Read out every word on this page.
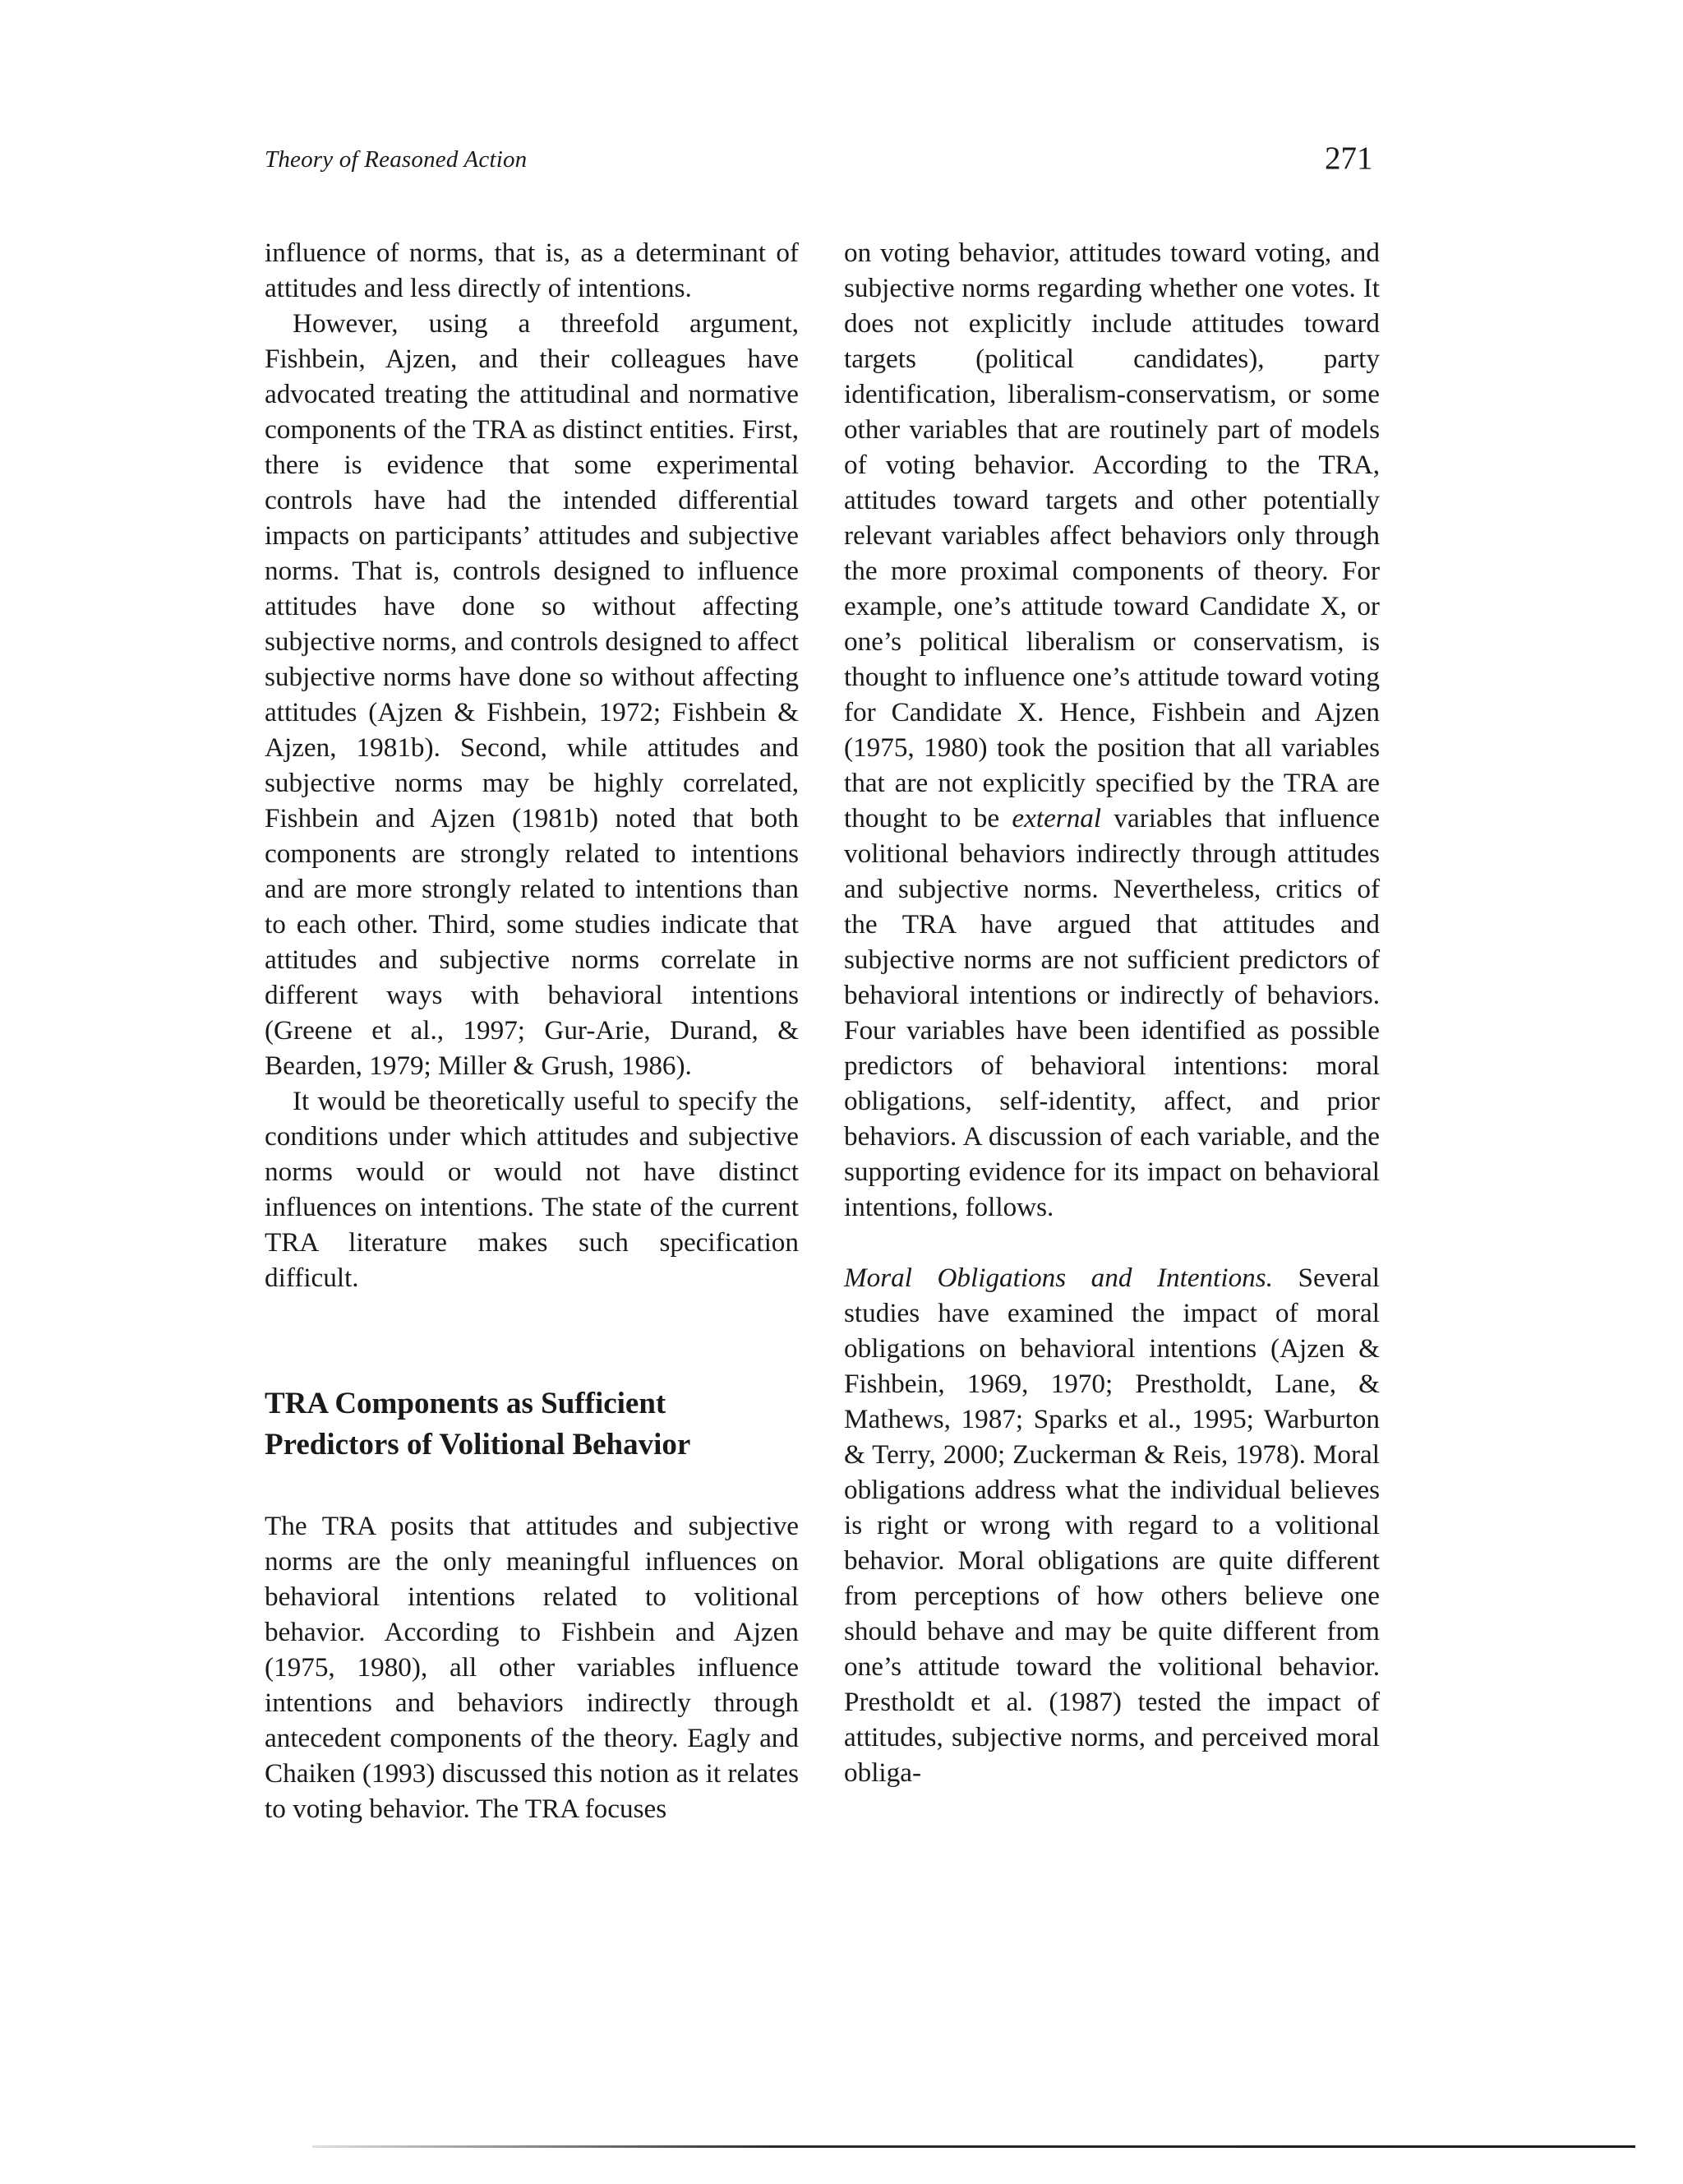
Theory of Reasoned Action	271

influence of norms, that is, as a determinant of attitudes and less directly of intentions.

However, using a threefold argument, Fishbein, Ajzen, and their colleagues have advocated treating the attitudinal and normative components of the TRA as distinct entities. First, there is evidence that some experimental controls have had the intended differential impacts on participants’ attitudes and subjective norms. That is, controls designed to influence attitudes have done so without affecting subjective norms, and controls designed to affect subjective norms have done so without affecting attitudes (Ajzen & Fishbein, 1972; Fishbein & Ajzen, 1981b). Second, while attitudes and subjective norms may be highly correlated, Fishbein and Ajzen (1981b) noted that both components are strongly related to intentions and are more strongly related to intentions than to each other. Third, some studies indicate that attitudes and subjective norms correlate in different ways with behavioral intentions (Greene et al., 1997; Gur-Arie, Durand, & Bearden, 1979; Miller & Grush, 1986).

It would be theoretically useful to specify the conditions under which attitudes and subjective norms would or would not have distinct influences on intentions. The state of the current TRA literature makes such specification difficult.

TRA Components as Sufficient
Predictors of Volitional Behavior

The TRA posits that attitudes and subjective norms are the only meaningful influences on behavioral intentions related to volitional behavior. According to Fishbein and Ajzen (1975, 1980), all other variables influence intentions and behaviors indirectly through antecedent components of the theory. Eagly and Chaiken (1993) discussed this notion as it relates to voting behavior. The TRA focuses

on voting behavior, attitudes toward voting, and subjective norms regarding whether one votes. It does not explicitly include attitudes toward targets (political candidates), party identification, liberalism-conservatism, or some other variables that are routinely part of models of voting behavior. According to the TRA, attitudes toward targets and other potentially relevant variables affect behaviors only through the more proximal components of theory. For example, one’s attitude toward Candidate X, or one’s political liberalism or conservatism, is thought to influence one’s attitude toward voting for Candidate X. Hence, Fishbein and Ajzen (1975, 1980) took the position that all variables that are not explicitly specified by the TRA are thought to be external variables that influence volitional behaviors indirectly through attitudes and subjective norms. Nevertheless, critics of the TRA have argued that attitudes and subjective norms are not sufficient predictors of behavioral intentions or indirectly of behaviors. Four variables have been identified as possible predictors of behavioral intentions: moral obligations, self-identity, affect, and prior behaviors. A discussion of each variable, and the supporting evidence for its impact on behavioral intentions, follows.

Moral Obligations and Intentions. Several studies have examined the impact of moral obligations on behavioral intentions (Ajzen & Fishbein, 1969, 1970; Prestholdt, Lane, & Mathews, 1987; Sparks et al., 1995; Warburton & Terry, 2000; Zuckerman & Reis, 1978). Moral obligations address what the individual believes is right or wrong with regard to a volitional behavior. Moral obligations are quite different from perceptions of how others believe one should behave and may be quite different from one’s attitude toward the volitional behavior. Prestholdt et al. (1987) tested the impact of attitudes, subjective norms, and perceived moral obliga-
